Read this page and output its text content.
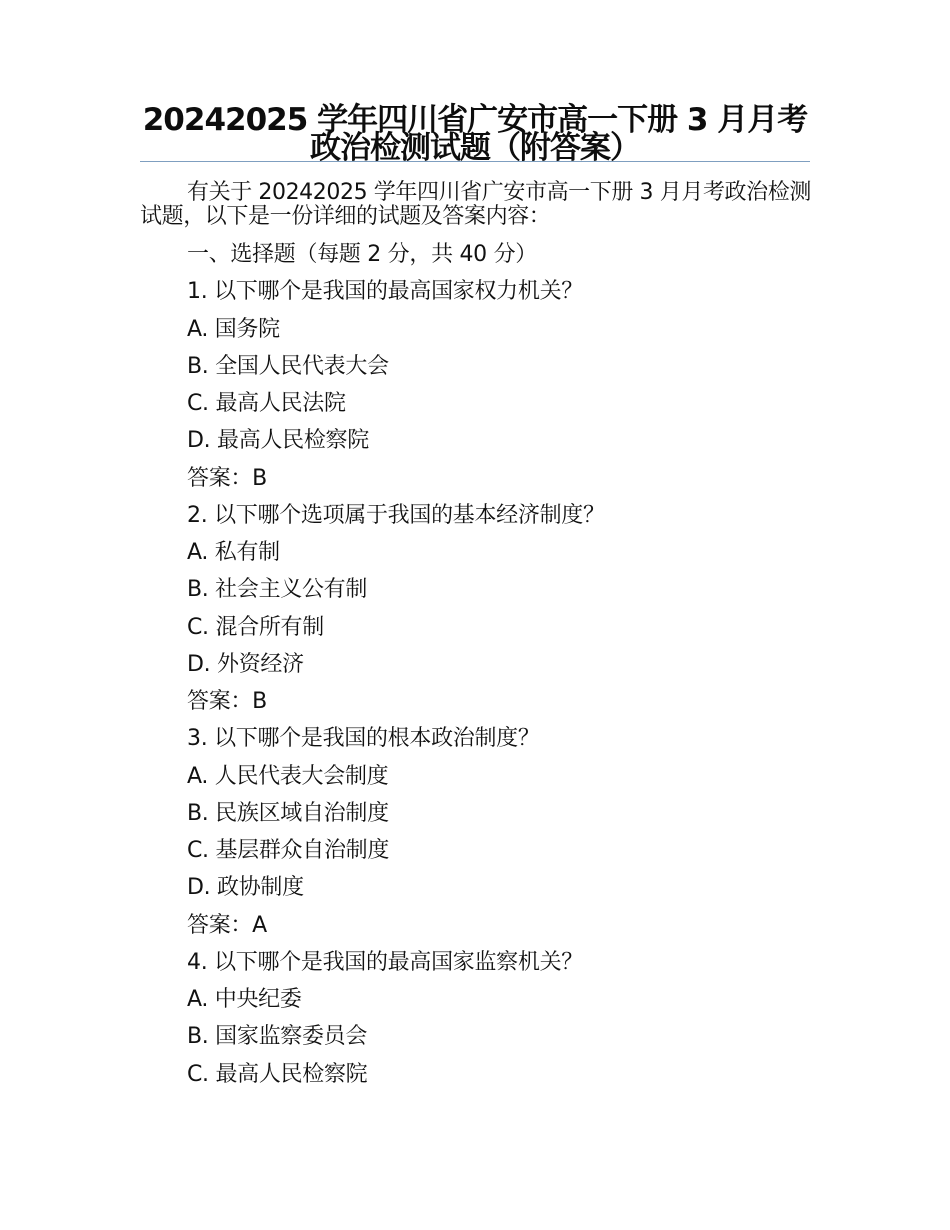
20242025 学年四川省广安市高一下册 3 月月考政治检测试题（附答案）

有关于 20242025 学年四川省广安市高一下册 3 月月考政治检测试题，以下是一份详细的试题及答案内容：

一、选择题（每题 2 分，共 40 分）
1. 以下哪个是我国的最高国家权力机关？
A. 国务院
B. 全国人民代表大会
C. 最高人民法院
D. 最高人民检察院
答案：B
2. 以下哪个选项属于我国的基本经济制度？
A. 私有制
B. 社会主义公有制
C. 混合所有制
D. 外资经济
答案：B
3. 以下哪个是我国的根本政治制度？
A. 人民代表大会制度
B. 民族区域自治制度
C. 基层群众自治制度
D. 政协制度
答案：A
4. 以下哪个是我国的最高国家监察机关？
A. 中央纪委
B. 国家监察委员会
C. 最高人民检察院
